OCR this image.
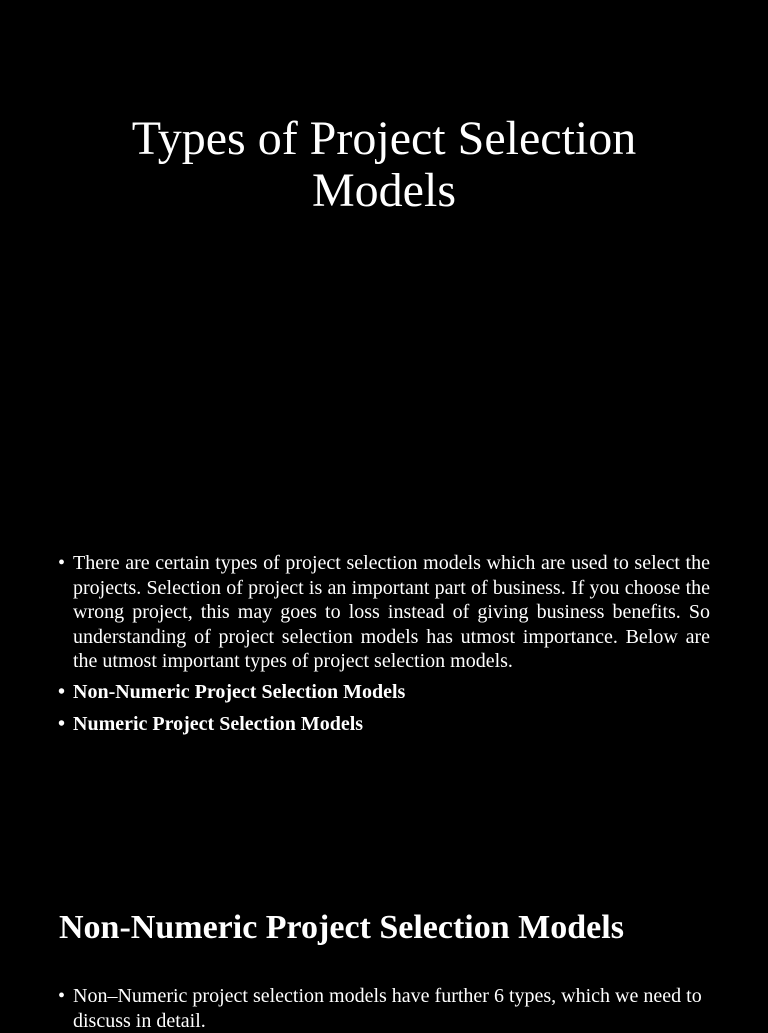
Types of Project Selection Models
• There are certain types of project selection models which are used to select the projects. Selection of project is an important part of business. If you choose the wrong project, this may goes to loss instead of giving business benefits. So understanding of project selection models has utmost importance. Below are the utmost important types of project selection models.
• Non-Numeric Project Selection Models
• Numeric Project Selection Models
Non-Numeric Project Selection Models
• Non–Numeric project selection models have further 6 types, which we need to discuss in detail.
